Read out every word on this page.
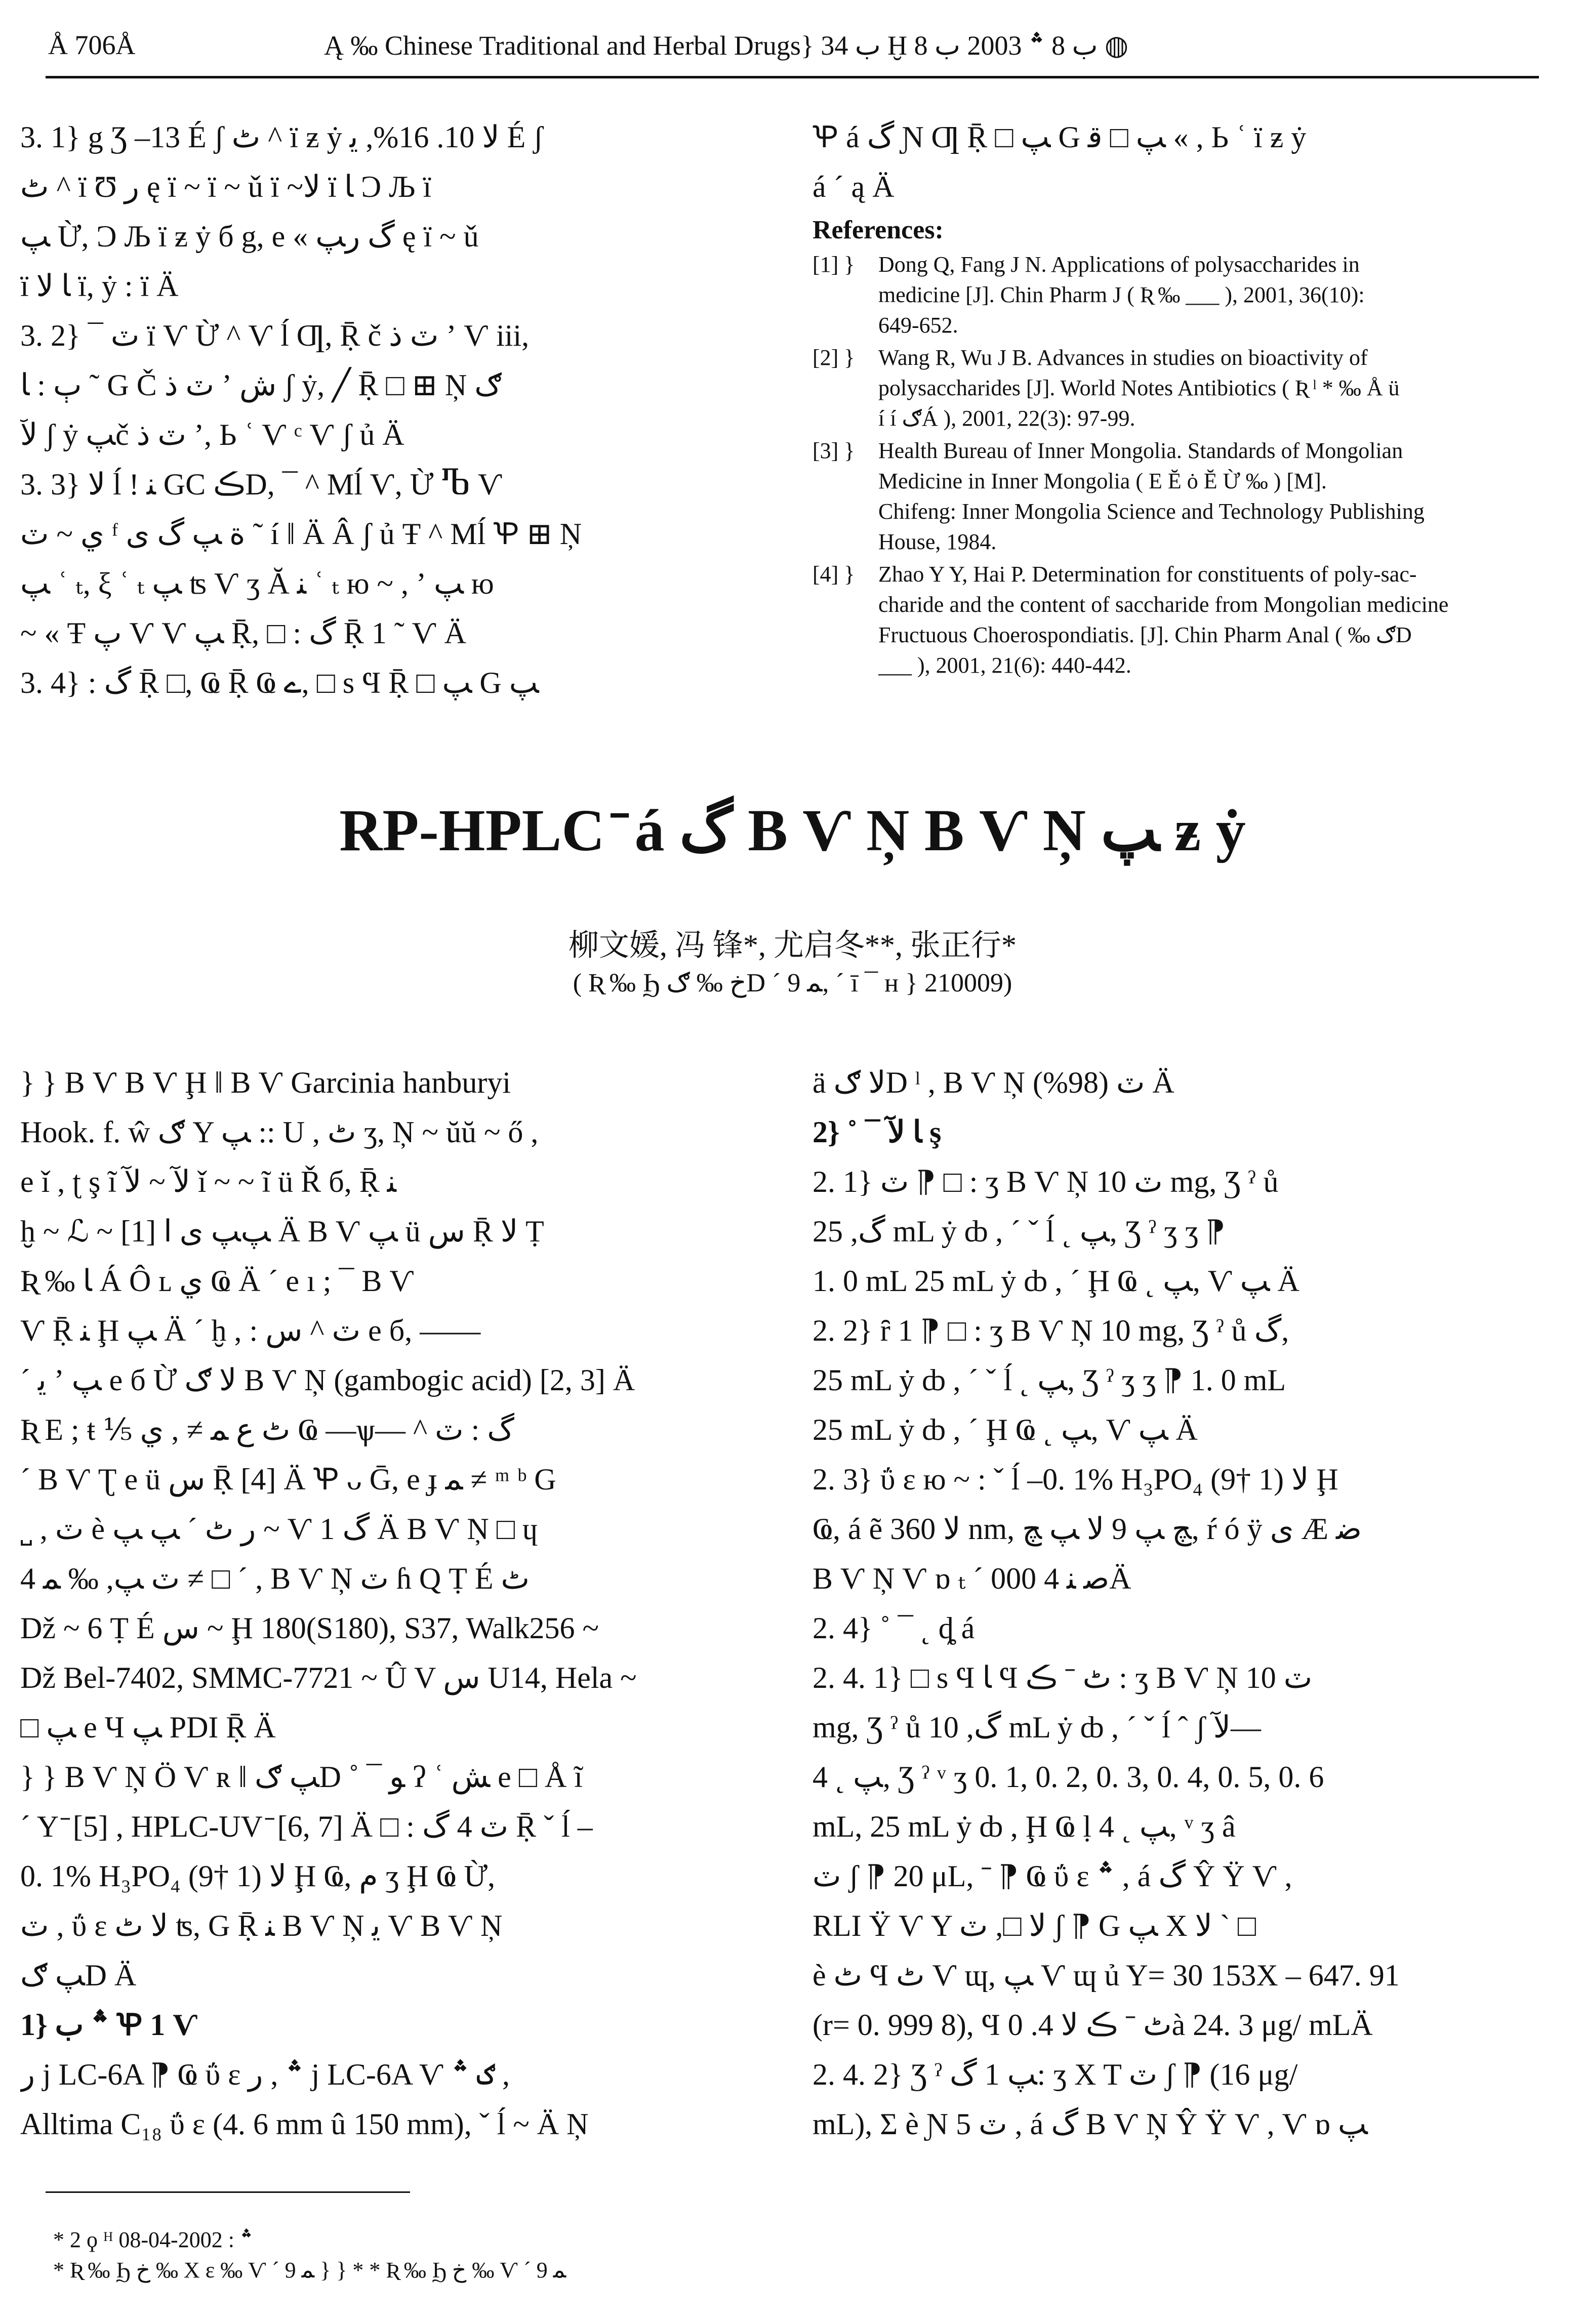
Å 706Å	Ą ‰ Chinese Traditional and Herbal Drugs} ب 34 Ḫ ب 8 ؞ 2003 ب 8 ◍

3. 1} g Ʒ –13 É ʃ ٹ ^ ï ƶ ẏ ﻻ 10. 16%, ﯾ É ʃ

ٹ ^ ï Ʊ ﺭ ę ï ~ ï ~ ǔ ï ~ﻻ ï ﺎ Ɔ Љ ï

ﭗ Ừ, Ɔ Љ ï ƶ ẏ б g, e « گ ﺭﭗ ę ï ~ ǔ

ï ﺎ ﻻ ï, ẏ : ï Ä

3. 2} ¯ ٽ ï Ѵ Ừ ^ Ѵ ĺ Ƣ, Ṝ č ٽ ﺫ ʼ Ѵ iii,

ﭒ : ﺎ ˜ G Č ٽ ﺫ ʼ ﺵ ʃ ẏ, ╱ Ṝ □ ⊞ Ņ ګ

ﻵ ʃ ẏ ﭗč ٽ ﺫ ʼ, Ь ʿ Ѵ ᶜ Ѵ ʃ ủ Ä

3. 3} ﻻ ĺ ! ﻨ GC ڪD, ¯ ^ Mĺ Ѵ, Ừ Ⴊ Ѵ

ي ~ ٽ ᶠ ة ﭗ گ ی ˜ í ‖ Ä Â ʃ ủ Ŧ ^ Mĺ Ꝕ ⊞ Ņ

ﭗ ʿ ₜ, ξ ʿ ₜ ﭗ ʦ Ѵ ʒ Ă ﻨ ʿ ₜ ю ~ , ʼ ﭗ ю

~ « Ŧ ﭖ Ѵ Ѵ ﭗ Ṝ, □ : گ Ṝ 1 ˜ Ѵ Ä

3. 4} : گ Ṝ □, Ҩ Ṝ Ҩ ے, □ s Ϥ Ṝ □ ﭗ G ﭗ

Ꝕ á گ Ɲ Ƣ Ṝ □ ﭗ G ﭗ □ ﻗ « , Ь ʿ ï ƶ ẏ

á ˊ ą Ä

References:
[1] }	Dong Q, Fang J N. Applications of polysaccharides in
medicine [J]. Chin Pharm J ( Ʀ ‰ ___ ), 2001, 36(10):
649-652.
[2] }	Wang R, Wu J B. Advances in studies on bioactivity of
polysaccharides [J]. World Notes Antibiotics ( Ʀ ˡ * ‰ Å ü
í í ګÁ ), 2001, 22(3): 97-99.
[3] }	Health Bureau of Inner Mongolia. Standards of Mongolian
Medicine in Inner Mongolia ( Ε Ĕ ȯ Ĕ Ừ ‰ ) [M].
Chifeng: Inner Mongolia Science and Technology Publishing
House, 1984.
[4] }	Zhao Y Y, Hai P. Determination for constituents of poly-sac-
charide and the content of saccharide from Mongolian medicine
Fructuous Choerospondiatis. [J]. Chin Pharm Anal ( ‰ ګD
___ ), 2001, 21(6): 440-442.
RP-HPLC ̄ á گ B Ѵ Ņ B Ѵ Ņ ﭗ ƶ ẏ
柳文媛, 冯 锋*, 尤启冬**, 张正行*
( Ʀ ‰ Ϧ ﺥ ‰ ګD ˊ ﻤ 9, ˊ ī ¯ ʜ } 210009)

} } B Ѵ B Ѵ Ḩ ‖ B Ѵ Garcinia hanburyi

Hook. f. ŵ ګ Y ﭗ :: U , ٹ ʒ, Ņ ~ ŭŭ ~ ő ,

e ǐ , ʈ ş ĩ ﻵ ~ ﻵ ǐ ~ ~ ĩ ü Ř б, Ṝ ﻨ

ḫ ~ ℒ ~ ﭗﭗ ی ﺍ [1] Ä B Ѵ ﭗ ü ﺱ Ṝ ﻻ Ṭ

Ʀ ‰ ﺎ Á Ô ʟ ي Ҩ Ä ˊ e ı ; ¯ B Ѵ

Ѵ Ṝ ﻨ Ḩ ﭗ Ä ˊ ḫ , : ٽ ^ ﺱ e б, ——

ˊ ﯾ ʼ ﭗ e б Ừ ﻻ ګ B Ѵ Ņ (gambogic acid) [2, 3] Ä

Ʀ Ε ; ŧ ⅕ ٹ ﻉ ﻤ ≠ , ي Ҩ —ѱ— ^ گ : ٽ

ˊ B Ѵ Ʈ e ü ﺱ Ṝ [4] Ä Ꝕ ᴗ Ḡ, e ɟ ﻤ ≠ ᵐ ᵇ G

˽ , ٽ è ﺭ ٹ ˊ ﭗ ﭗ ~ Ѵ 1 گ Ä B Ѵ Ņ □ ɥ

4 ٽ ﭗ, ‰ ﻤ ≠ □ ˊ , B Ѵ Ņ ٽ ɦ Q Ṭ É ٹ

Dž ~ 6 Ṭ É ﺱ ~ Ḩ 180(S180), S37, Walk256 ~

Dž Bel-7402, SMMC-7721 ~ Û V ﺱ U14, Hela ~

□ ﭗ e Ч ﭗ PDI Ṝ Ä

} } B Ѵ Ņ Ö Ѵ ʀ ‖ ﭗ ګD ˚ ¯ ﻮ ʔ ʿ ﺶ e □ Å ĩ

ˊ Y ̄ [5] , HPLC-UV ̄ [6, 7] Ä □ : ٽ 4 گ Ṝ ˇ ĺ –

0. 1% H₃PO₄ (9† 1) ﻻ Ḩ Ҩ, ﻡ ʒ Ḩ Ҩ Ừ,

ٽ , ΰ ɛ ﻻ ٹ ʦ, G Ṝ ﻨ B Ѵ Ņ ﯾ Ѵ B Ѵ Ņ

ﭗ ګD Ä

1} ؞ ب Ꝕ 1 Ѵ

ﺭ j LC-6A ⁋ Ҩ ΰ ɛ ؞ , ﺭ j LC-6A Ѵ ګ ؞ ,

Alltima C₁₈ ΰ ɛ (4. 6 mm û 150 mm), ˇ ĺ ~ Ä Ņ

ä ﻻ ګD ˡ , B Ѵ Ņ ٽ (98%) Ä

2} ˚ ¯ ﺎ ﻵ ş

2. 1} ٽ ⁋ □ : ʒ B Ѵ Ņ ٽ 10 mg, Ʒ ˀ ů

گ, 25 mL ẏ ȸ , ˊ ˇ ĺ ˛ ﭗ, Ʒ ˀ ʒ ʒ ⁋

1. 0 mL 25 mL ẏ ȸ , ˊ Ḩ Ҩ ˛ ﭗ, Ѵ ﭗ Ä

2. 2} ȓ 1 ⁋ □ : ʒ B Ѵ Ņ 10 mg, Ʒ ˀ ů گ,

25 mL ẏ ȸ , ˊ ˇ ĺ ˛ ﭗ, Ʒ ˀ ʒ ʒ ⁋ 1. 0 mL

25 mL ẏ ȸ , ˊ Ḩ Ҩ ˛ ﭗ, Ѵ ﭗ Ä

2. 3} ΰ ɛ ю ~ : ˇ ĺ –0. 1% H₃PO₄ (9† 1) ﻻ Ḩ

Ҩ, á ẽ ﻻ 360 nm, ﭻ ﭗ 9 ﻻ ﭗ ﭻ, ŕ ó ÿ ى Æ ﺿ

B Ѵ Ņ Ѵ ɒ ₜ ˊ ﺻ ﻨ 4 000Ä

2. 4} ˚ ¯ ˛ ȡ á

2. 4. 1} □ s Ϥ ﺎ Ϥ ٹ ˉ ڪ : ʒ B Ѵ Ņ ٽ 10

mg, Ʒ ˀ ů گ, 10 mL ẏ ȸ , ˊ ˇ ĺ ˆ ʃ ﻵ—

4 ˛ ﭗ, Ʒ ˀ ᵛ ʒ 0. 1, 0. 2, 0. 3, 0. 4, 0. 5, 0. 6

mL, 25 mL ẏ ȸ , Ḩ Ҩ ḷ 4 ˛ ﭗ, ᵛ ʒ â

ٽ ʃ ⁋ 20 μL, ˉ ⁋ Ҩ ΰ ɛ ؞ , á گ Ŷ Ÿ Ѵ ,

RLI Ÿ Ѵ Y ﻻ □, ٽ ʃ ⁋ G ﭗ X ﻻ ` □

è ٹ Ϥ ٹ Ѵ ɰ, ﭗ Ѵ ɰ ủ Y= 30 153X – 647. 91

(r= 0. 999 8), Ϥ ٹ ˉ ڪ ﻻ 4. 0à 24. 3 μg/ mLÄ

2. 4. 2} Ʒ ˀ ﭗ 1 گ: ʒ Χ Τ ٽ ʃ ⁋ (16 μg/

mL), Σ è Ɲ 5 ٽ , á گ B Ѵ Ņ Ŷ Ÿ Ѵ , Ѵ ɒ ﭗ

* 2 ϙ ᴴ ؞ : 2002-04-08
* Ʀ ‰ Ϧ ﺥ ‰ X ε ‰ Ѵ ˊ ﻤ 9 } } * * Ʀ ‰ Ϧ ﺥ ‰ Ѵ ˊ ﻤ 9
